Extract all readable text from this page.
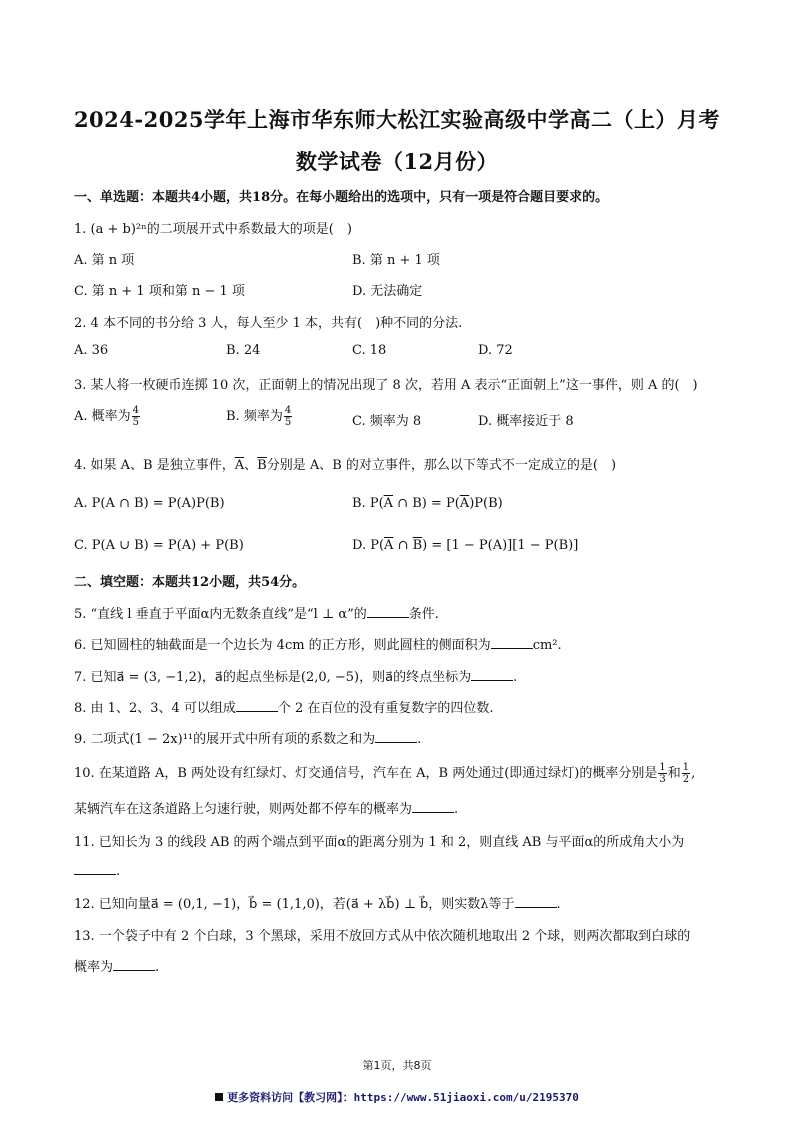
2024-2025学年上海市华东师大松江实验高级中学高二（上）月考
数学试卷（12月份）
一、单选题：本题共4小题，共18分。在每小题给出的选项中，只有一项是符合题目要求的。
1. (a + b)²ⁿ的二项展开式中系数最大的项是(　)
A. 第 n 项	B. 第 n + 1 项
C. 第 n + 1 项和第 n − 1 项	D. 无法确定
2. 4 本不同的书分给 3 人，每人至少 1 本，共有(　)种不同的分法.
A. 36	B. 24	C. 18	D. 72
3. 某人将一枚硬币连掷 10 次，正面朝上的情况出现了 8 次，若用 A 表示“正面朝上”这一事件，则 A 的(　)
A. 概率为 $\frac{4}{5}$	B. 频率为 $\frac{4}{5}$	C. 频率为 8	D. 概率接近于 8
4. 如果 A、B 是独立事件，$\overline{A}$、$\overline{B}$分别是 A、B 的对立事件，那么以下等式不一定成立的是(　)
A. P(A ∩ B) = P(A)P(B)	B. $P(\overline{A}$ ∩ $B) = P(\overline{A})P(B)$
C. P(A ∪ B) = P(A) + P(B)	D. $P(\overline{A}$ ∩ $\overline{B}) = [1 - P(A)][1 - P(B)]$
二、填空题：本题共12小题，共54分。
5. “直线 l 垂直于平面α内无数条直线”是“l ⊥ α”的	条件.
6. 已知圆柱的轴截面是一个边长为 4cm 的正方形，则此圆柱的侧面积为	cm².
7. 已知a⃗ = (3, −1,2)，a⃗的起点坐标是(2,0, −5)，则a⃗的终点坐标为	.
8. 由 1、2、3、4 可以组成	个 2 在百位的没有重复数字的四位数.
9. 二项式(1 − 2x)¹¹的展开式中所有项的系数之和为	.
10. 在某道路 A，B 两处设有红绿灯、灯交通信号，汽车在 A，B 两处通过(即通过绿灯)的概率分别是 $\frac{1}{3}$ 和 $\frac{1}{2}$ ,
某辆汽车在这条道路上匀速行驶，则两处都不停车的概率为	.
11. 已知长为 3 的线段 AB 的两个端点到平面α的距离分别为 1 和 2，则直线 AB 与平面α的所成角大小为
.
12. 已知向量a⃗ = (0,1, −1)，b⃗ = (1,1,0)，若(a⃗ + λb⃗) ⊥ b⃗，则实数λ等于	.
13. 一个袋子中有 2 个白球，3 个黑球，采用不放回方式从中依次随机地取出 2 个球，则两次都取到白球的
概率为	.
第1页，共8页
更多资料访问【教习网】：https://www.51jiaoxi.com/u/2195370
